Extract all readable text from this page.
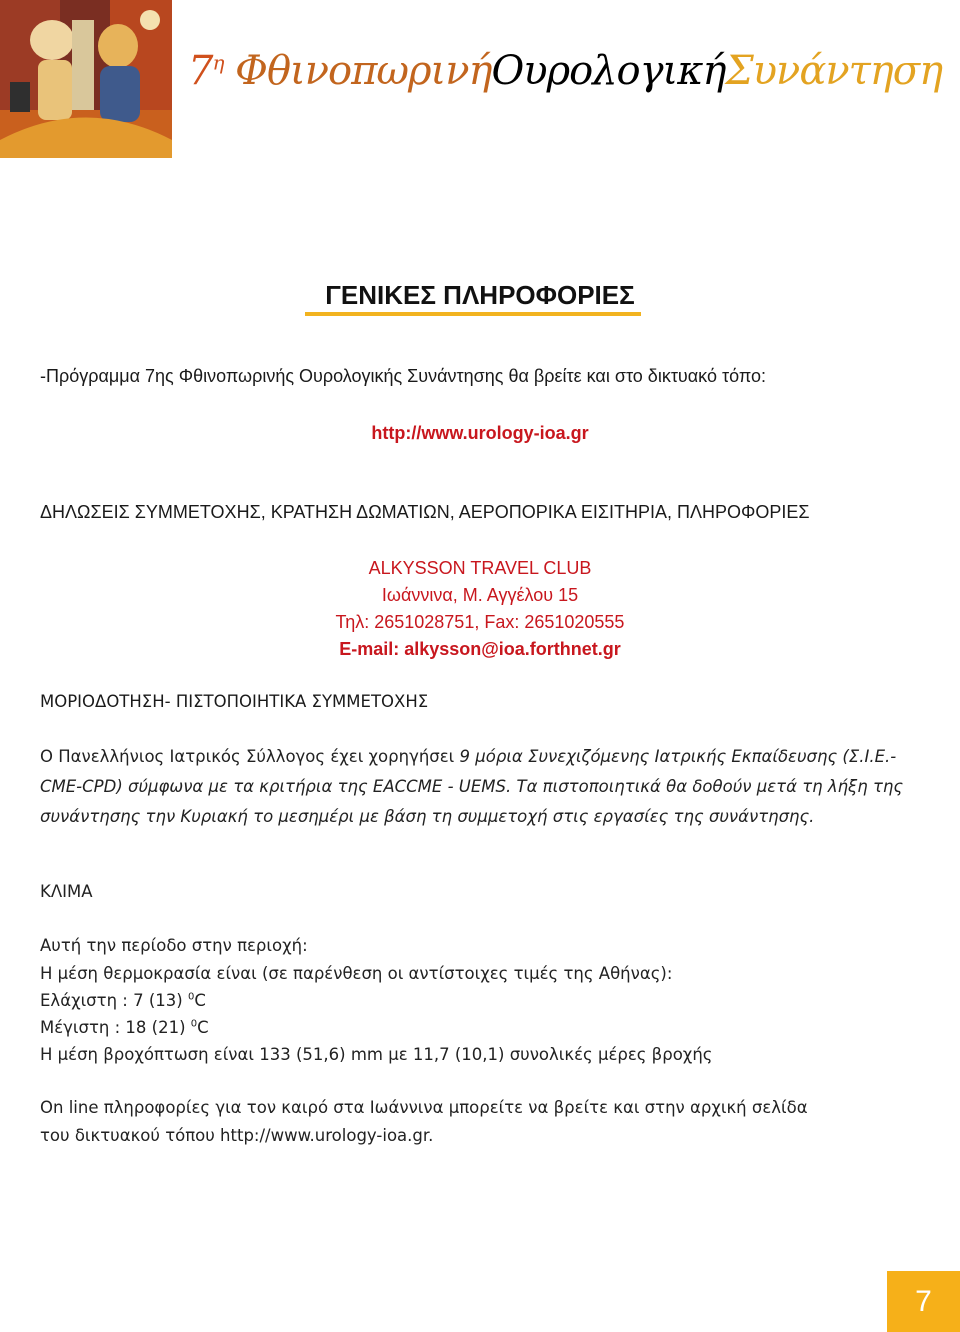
$7^\eta$ ΦθινοπωρινήΟυρολογικήΣυνάντηση
ΓΕΝΙΚΕΣ ΠΛΗΡΟΦΟΡΙΕΣ
-Πρόγραμμα 7ης Φθινοπωρινής Ουρολογικής Συνάντησης θα βρείτε και στο δικτυακό τόπο:
http://www.urology-ioa.gr
ΔΗΛΩΣΕΙΣ ΣΥΜΜΕΤΟΧΗΣ, ΚΡΑΤΗΣΗ ΔΩΜΑΤΙΩΝ, ΑΕΡΟΠΟΡΙΚΑ ΕΙΣΙΤΗΡΙΑ, ΠΛΗΡΟΦΟΡΙΕΣ
ALKYSSON TRAVEL CLUB
Ιωάννινα, Μ. Αγγέλου 15
Τηλ: 2651028751, Fax: 2651020555
E-mail: alkysson@ioa.forthnet.gr
ΜΟΡΙΟΔΟΤΗΣΗ- ΠΙΣΤΟΠΟΙΗΤΙΚΑ ΣΥΜΜΕΤΟΧΗΣ
Ο Πανελλήνιος Ιατρικός Σύλλογος έχει χορηγήσει 9 μόρια Συνεχιζόμενης Ιατρικής Εκπαίδευσης (Σ.Ι.Ε.- CME-CPD) σύμφωνα με τα κριτήρια της EACCME - UEMS. Τα πιστοποιητικά θα δοθούν μετά τη λήξη της συνάντησης την Κυριακή το μεσημέρι με βάση τη συμμετοχή στις εργασίες της συνάντησης.
ΚΛΙΜΑ
Αυτή την περίοδο στην περιοχή:
Η μέση θερμοκρασία είναι (σε παρένθεση οι αντίστοιχες τιμές της Αθήνας):
Ελάχιστη : 7 (13) $^0$C
Μέγιστη : 18 (21) $^0$C
Η μέση βροχόπτωση είναι 133 (51,6) mm με 11,7 (10,1) συνολικές μέρες βροχής
On line πληροφορίες για τον καιρό στα Ιωάννινα μπορείτε να βρείτε και στην αρχική σελίδα
του δικτυακού τόπου http://www.urology-ioa.gr.
7
